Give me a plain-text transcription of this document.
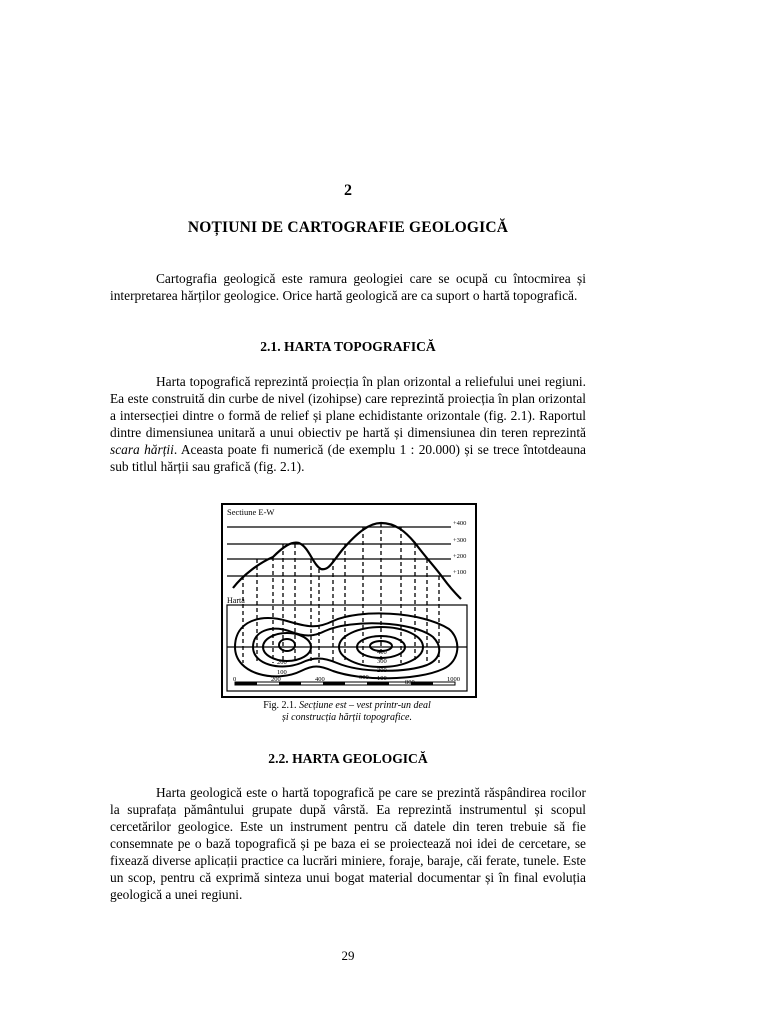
2
NOȚIUNI DE CARTOGRAFIE GEOLOGICĂ

Cartografia geologică este ramura geologiei care se ocupă cu întocmirea și interpretarea hărților geologice. Orice hartă geologică are ca suport o hartă topografică.

2.1. HARTA TOPOGRAFICĂ

Harta topografică reprezintă proiecția în plan orizontal a reliefului unei regiuni. Ea este construită din curbe de nivel (izohipse) care reprezintă proiecția în plan orizontal a intersecției dintre o formă de relief și plane echidistante orizontale (fig. 2.1). Raportul dintre dimensiunea unitară a unui obiectiv pe hartă și dimensiunea din teren reprezintă scara hărții. Aceasta poate fi numerică (de exemplu 1 : 20.000) și se trece întotdeauna sub titlul hărții sau grafică (fig. 2.1).

Sectiune E-W
+400
+300
+200
+100
Harta
200
100
400
300
200
100
0	200	400	600
800	1000
Fig. 2.1. Secțiune est – vest printr-un deal
și construcția hărții topografice.
2.2. HARTA GEOLOGICĂ

Harta geologică este o hartă topografică pe care se prezintă răspândirea rocilor la suprafața pământului grupate după vârstă. Ea reprezintă instrumentul și scopul cercetărilor geologice. Este un instrument pentru că datele din teren trebuie să fie consemnate pe o bază topografică și pe baza ei se proiectează noi idei de cercetare, se fixează diverse aplicații practice ca lucrări miniere, foraje, baraje, căi ferate, tunele. Este un scop, pentru că exprimă sinteza unui bogat material documentar și în final evoluția geologică a unei regiuni.

29
